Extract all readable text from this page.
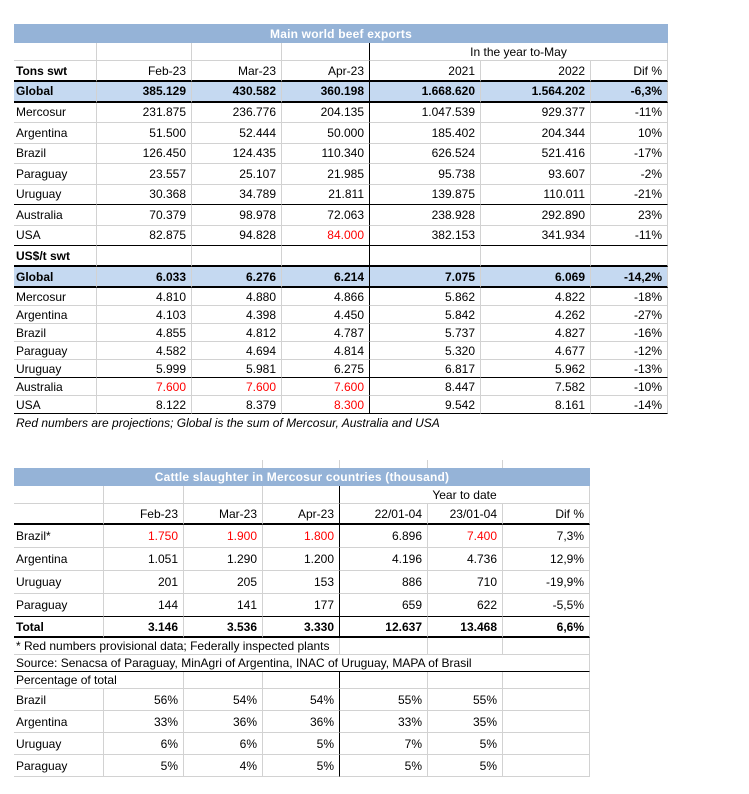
Main world beef exports
In the year to-May
Tons swt	Feb-23	Mar-23	Apr-23	2021	2022	Dif %
Global	385.129	430.582	360.198	1.668.620	1.564.202	-6,3%
Mercosur	231.875	236.776	204.135	1.047.539	929.377	-11%
Argentina	51.500	52.444	50.000	185.402	204.344	10%
Brazil	126.450	124.435	110.340	626.524	521.416	-17%
Paraguay	23.557	25.107	21.985	95.738	93.607	-2%
Uruguay	30.368	34.789	21.811	139.875	110.011	-21%
Australia	70.379	98.978	72.063	238.928	292.890	23%
USA	82.875	94.828	84.000	382.153	341.934	-11%
US$/t swt
Global	6.033	6.276	6.214	7.075	6.069	-14,2%
Mercosur	4.810	4.880	4.866	5.862	4.822	-18%
Argentina	4.103	4.398	4.450	5.842	4.262	-27%
Brazil	4.855	4.812	4.787	5.737	4.827	-16%
Paraguay	4.582	4.694	4.814	5.320	4.677	-12%
Uruguay	5.999	5.981	6.275	6.817	5.962	-13%
Australia	7.600	7.600	7.600	8.447	7.582	-10%
USA	8.122	8.379	8.300	9.542	8.161	-14%
Red numbers are projections; Global is the sum of Mercosur, Australia and USA
Cattle slaughter in Mercosur countries (thousand)
Year to date
Feb-23	Mar-23	Apr-23	22/01-04	23/01-04	Dif %
Brazil*	1.750	1.900	1.800	6.896	7.400	7,3%
Argentina	1.051	1.290	1.200	4.196	4.736	12,9%
Uruguay	201	205	153	886	710	-19,9%
Paraguay	144	141	177	659	622	-5,5%
Total	3.146	3.536	3.330	12.637	13.468	6,6%
* Red numbers provisional data; Federally inspected plants
Source: Senacsa of Paraguay, MinAgri of Argentina, INAC of Uruguay, MAPA of Brasil
Percentage of total
Brazil	56%	54%	54%	55%	55%
Argentina	33%	36%	36%	33%	35%
Uruguay	6%	6%	5%	7%	5%
Paraguay	5%	4%	5%	5%	5%
